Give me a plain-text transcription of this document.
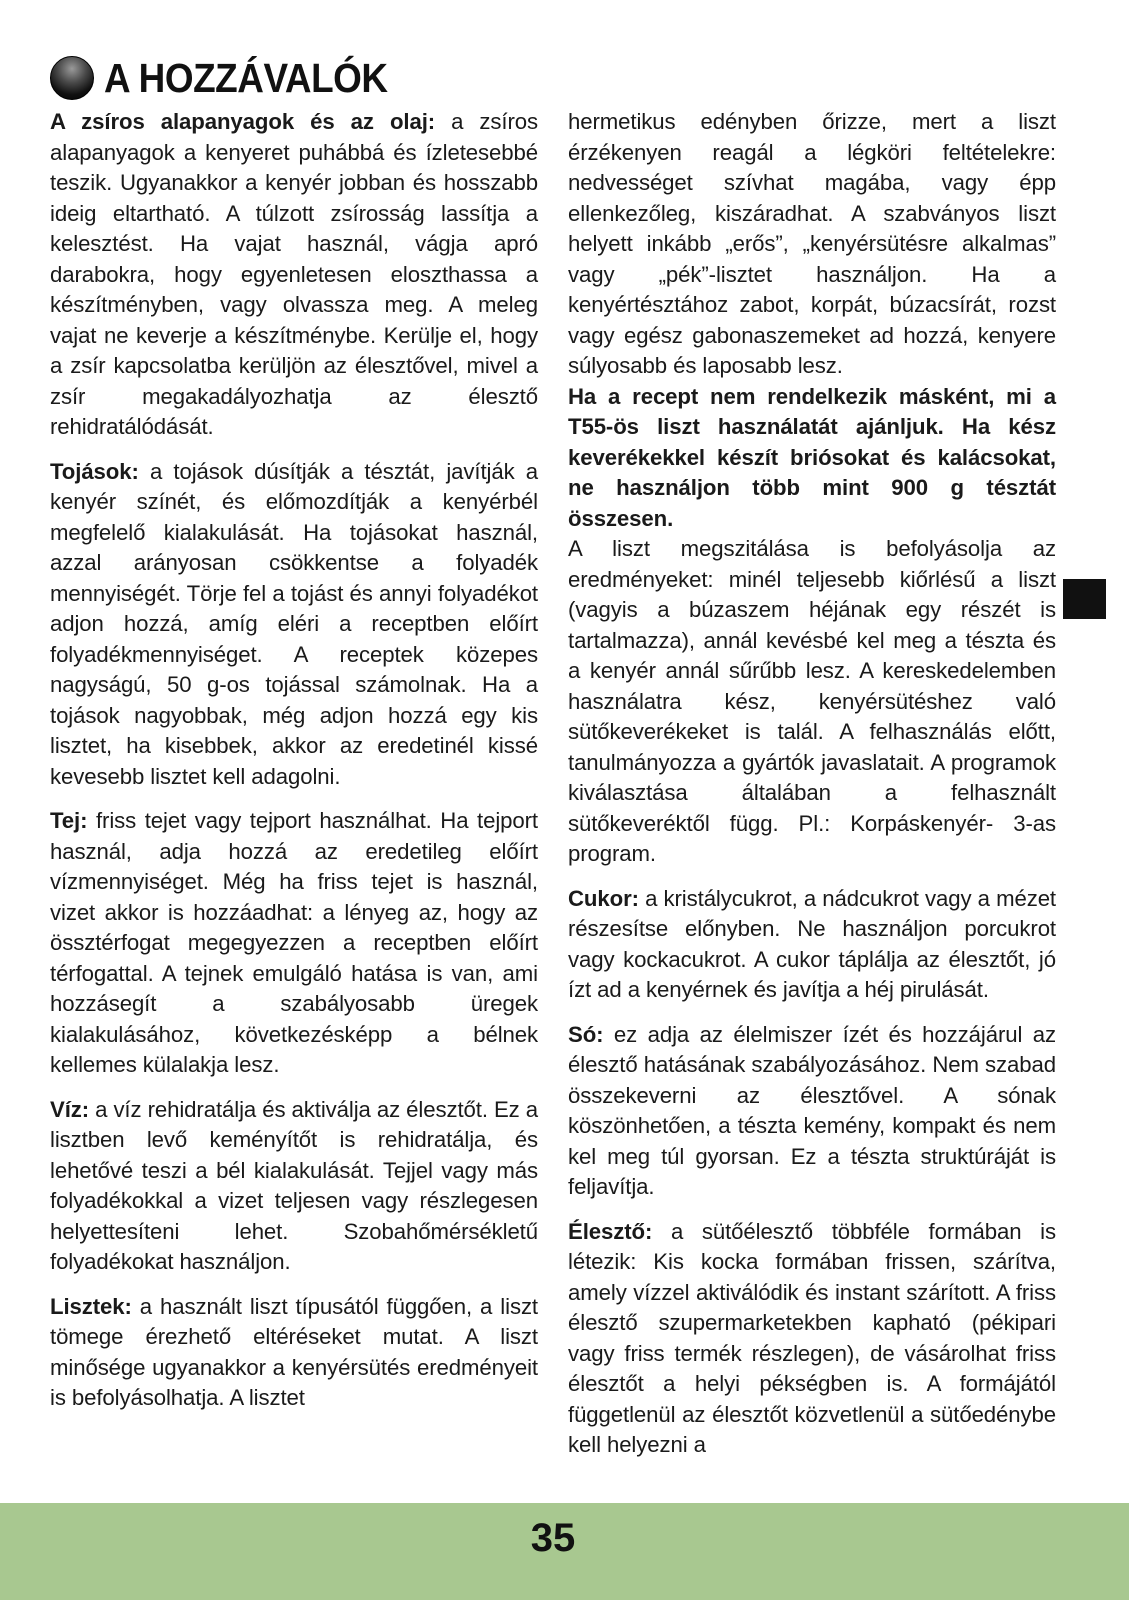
A HOZZÁVALÓK

A zsíros alapanyagok és az olaj: a zsíros alapanyagok a kenyeret puhábbá és ízletesebbé teszik. Ugyanakkor a kenyér jobban és hosszabb ideig eltartható. A túlzott zsírosság lassítja a kelesztést. Ha vajat használ, vágja apró darabokra, hogy egyenletesen eloszthassa a készítményben, vagy olvassza meg. A meleg vajat ne keverje a készítménybe. Kerülje el, hogy a zsír kapcsolatba kerüljön az élesztővel, mivel a zsír megakadályozhatja az élesztő rehidratálódását.

Tojások: a tojások dúsítják a tésztát, javítják a kenyér színét, és előmozdítják a kenyérbél megfelelő kialakulását. Ha tojásokat használ, azzal arányosan csökkentse a folyadék mennyiségét. Törje fel a tojást és annyi folyadékot adjon hozzá, amíg eléri a receptben előírt folyadékmennyiséget. A receptek közepes nagyságú, 50 g-os tojással számolnak. Ha a tojások nagyobbak, még adjon hozzá egy kis lisztet, ha kisebbek, akkor az eredetinél kissé kevesebb lisztet kell adagolni.

Tej: friss tejet vagy tejport használhat. Ha tejport használ, adja hozzá az eredetileg előírt vízmennyiséget. Még ha friss tejet is használ, vizet akkor is hozzáadhat: a lényeg az, hogy az össztérfogat megegyezzen a receptben előírt térfogattal. A tejnek emulgáló hatása is van, ami hozzásegít a szabályosabb üregek kialakulásához, következésképp a bélnek kellemes külalakja lesz.

Víz: a víz rehidratálja és aktiválja az élesztőt. Ez a lisztben levő keményítőt is rehidratálja, és lehetővé teszi a bél kialakulását. Tejjel vagy más folyadékokkal a vizet teljesen vagy részlegesen helyettesíteni lehet. Szobahőmérsékletű folyadékokat használjon.

Lisztek: a használt liszt típusától függően, a liszt tömege érezhető eltéréseket mutat. A liszt minősége ugyanakkor a kenyérsütés eredményeit is befolyásolhatja. A lisztet

hermetikus edényben őrizze, mert a liszt érzékenyen reagál a légköri feltételekre: nedvességet szívhat magába, vagy épp ellenkezőleg, kiszáradhat. A szabványos liszt helyett inkább „erős”, „kenyérsütésre alkalmas” vagy „pék”-lisztet használjon. Ha a kenyértésztához zabot, korpát, búzacsírát, rozst vagy egész gabonaszemeket ad hozzá, kenyere súlyosabb és laposabb lesz.

Ha a recept nem rendelkezik másként, mi a T55-ös liszt használatát ajánljuk. Ha kész keverékekkel készít briósokat és kalácsokat, ne használjon több mint 900 g tésztát összesen.

A liszt megszitálása is befolyásolja az eredményeket: minél teljesebb kiőrlésű a liszt (vagyis a búzaszem héjának egy részét is tartalmazza), annál kevésbé kel meg a tészta és a kenyér annál sűrűbb lesz. A kereskedelemben használatra kész, kenyérsütéshez való sütőkeverékeket is talál. A felhasználás előtt, tanulmányozza a gyártók javaslatait. A programok kiválasztása általában a felhasznált sütőkeveréktől függ. Pl.: Korpáskenyér- 3-as program.

Cukor: a kristálycukrot, a nádcukrot vagy a mézet részesítse előnyben. Ne használjon porcukrot vagy kockacukrot. A cukor táplálja az élesztőt, jó ízt ad a kenyérnek és javítja a héj pirulását.

Só: ez adja az élelmiszer ízét és hozzájárul az élesztő hatásának szabályozásához. Nem szabad összekeverni az élesztővel. A sónak köszönhetően, a tészta kemény, kompakt és nem kel meg túl gyorsan. Ez a tészta struktúráját is feljavítja.

Élesztő: a sütőélesztő többféle formában is létezik: Kis kocka formában frissen, szárítva, amely vízzel aktiválódik és instant szárított. A friss élesztő szupermarketekben kapható (pékipari vagy friss termék részlegen), de vásárolhat friss élesztőt a helyi pékségben is. A formájától függetlenül az élesztőt közvetlenül a sütőedénybe kell helyezni a

35
